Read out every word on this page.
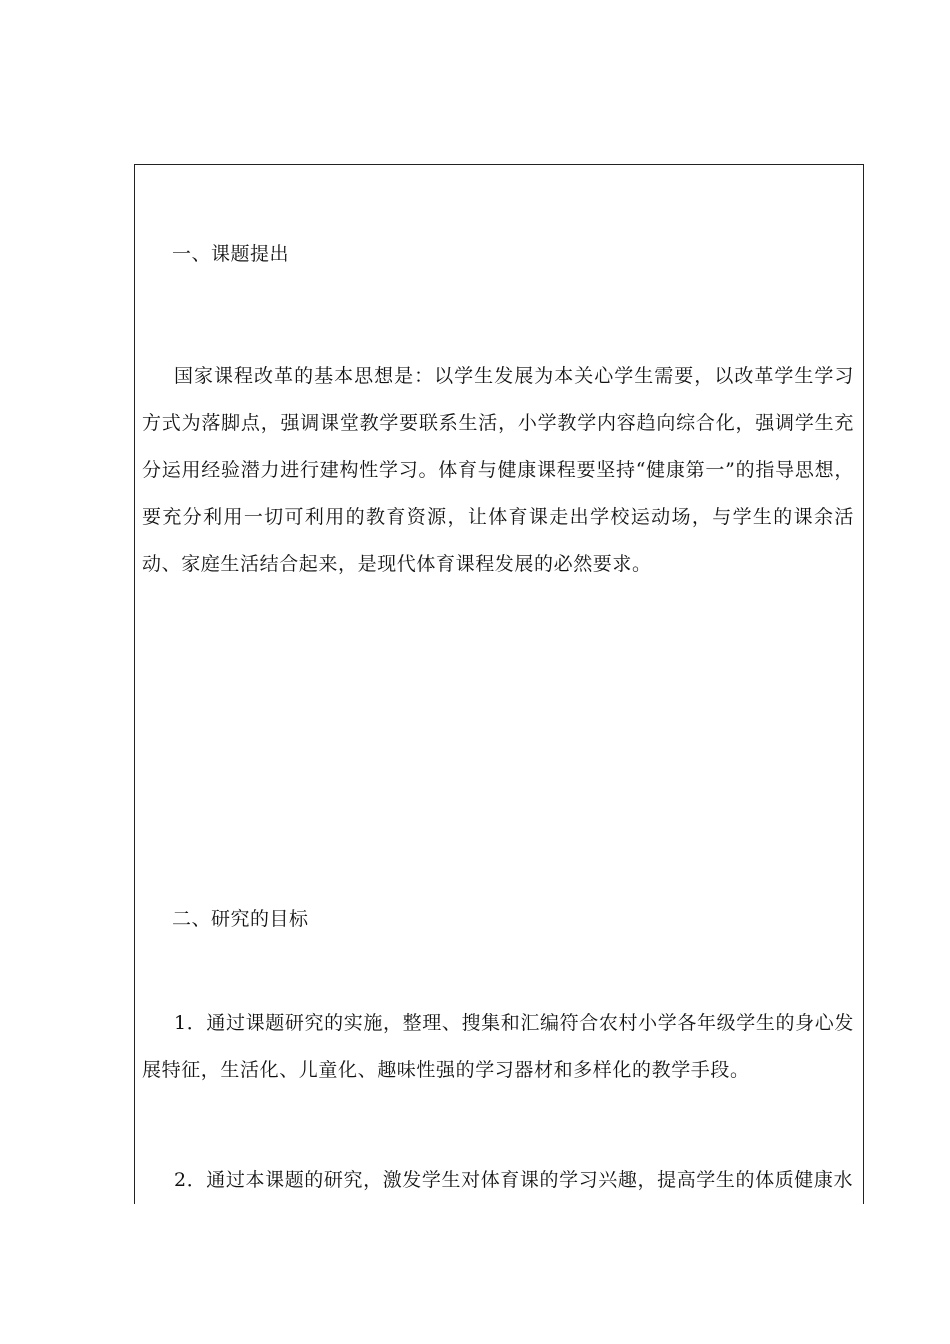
一、课题提出

国家课程改革的基本思想是：以学生发展为本关心学生需要，以改革学生学习方式为落脚点，强调课堂教学要联系生活，小学教学内容趋向综合化，强调学生充分运用经验潜力进行建构性学习。体育与健康课程要坚持“健康第一”的指导思想，要充分利用一切可利用的教育资源，让体育课走出学校运动场，与学生的课余活动、家庭生活结合起来，是现代体育课程发展的必然要求。

二、研究的目标

1．通过课题研究的实施，整理、搜集和汇编符合农村小学各年级学生的身心发展特征，生活化、儿童化、趣味性强的学习器材和多样化的教学手段。

2．通过本课题的研究，激发学生对体育课的学习兴趣，提高学生的体质健康水
